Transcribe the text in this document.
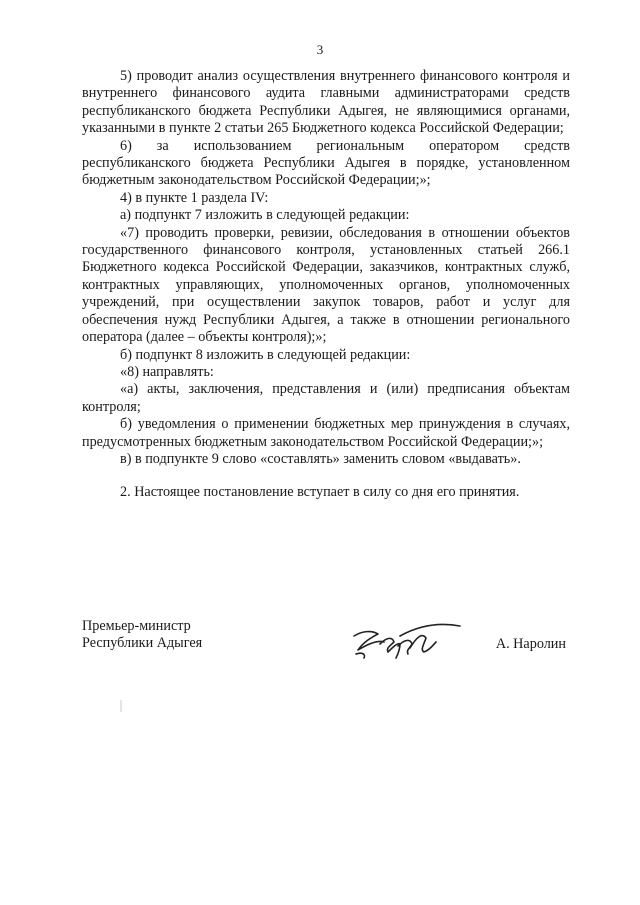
3

5) проводит анализ осуществления внутреннего финансового контроля и внутреннего финансового аудита главными администраторами средств республиканского бюджета Республики Адыгея, не являющимися органами, указанными в пункте 2 статьи 265 Бюджетного кодекса Российской Федерации;

6) за использованием региональным оператором средств республиканского бюджета Республики Адыгея в порядке, установленном бюджетным законодательством Российской Федерации;»;

4) в пункте 1 раздела IV:

а) подпункт 7 изложить в следующей редакции:

«7) проводить проверки, ревизии, обследования в отношении объектов государственного финансового контроля, установленных статьей 266.1 Бюджетного кодекса Российской Федерации, заказчиков, контрактных служб, контрактных управляющих, уполномоченных органов, уполномоченных учреждений, при осуществлении закупок товаров, работ и услуг для обеспечения нужд Республики Адыгея, а также в отношении регионального оператора (далее – объекты контроля);»;

б) подпункт 8 изложить в следующей редакции:

«8) направлять:

«а) акты, заключения, представления и (или) предписания объектам контроля;

б) уведомления о применении бюджетных мер принуждения в случаях, предусмотренных бюджетным законодательством Российской Федерации;»;

в) в подпункте 9 слово «составлять» заменить словом «выдавать».

2. Настоящее постановление вступает в силу со дня его принятия.

Премьер-министр
Республики Адыгея	А. Наролин
